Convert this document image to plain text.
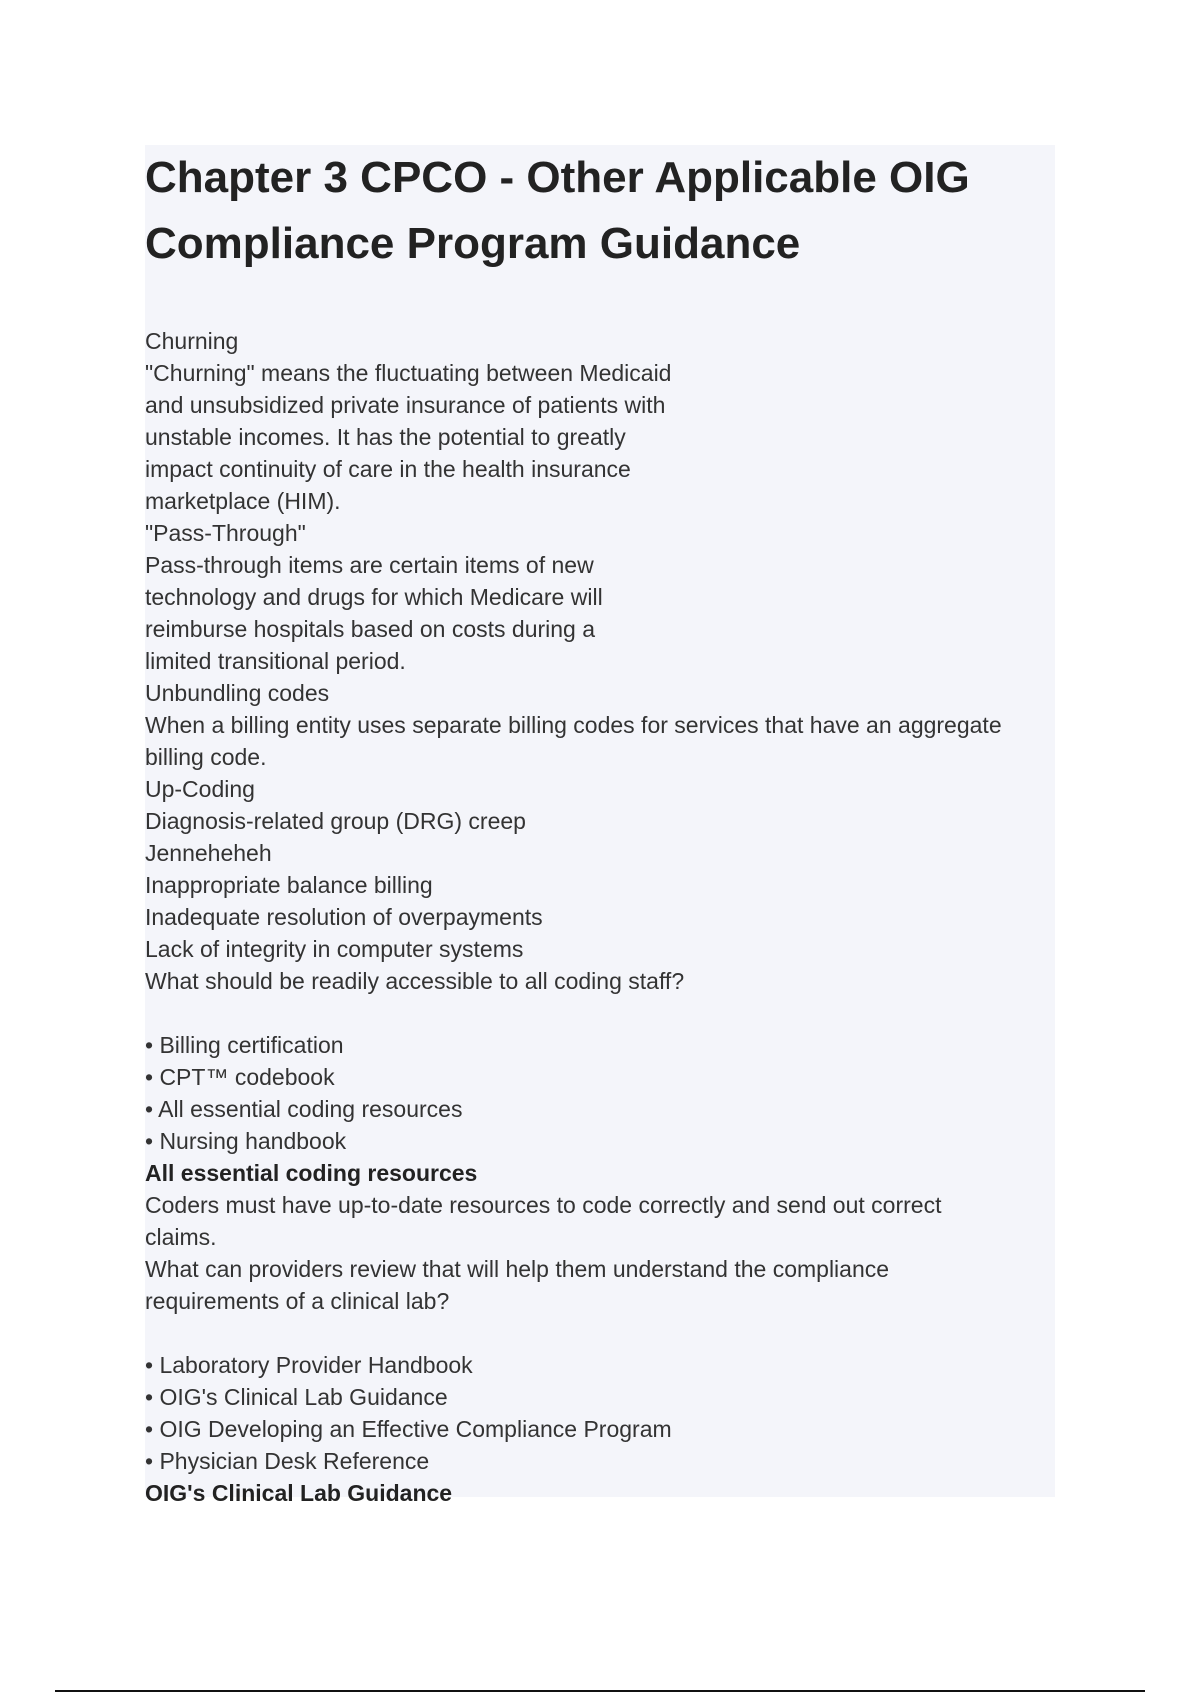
Chapter 3 CPCO - Other Applicable OIG Compliance Program Guidance
Churning
"Churning" means the fluctuating between Medicaid
and unsubsidized private insurance of patients with
unstable incomes. It has the potential to greatly
impact continuity of care in the health insurance
marketplace (HIM).
"Pass-Through"
Pass-through items are certain items of new
technology and drugs for which Medicare will
reimburse hospitals based on costs during a
limited transitional period.
Unbundling codes
When a billing entity uses separate billing codes for services that have an aggregate
billing code.
Up-Coding
Diagnosis-related group (DRG) creep
Jenneheheh
Inappropriate balance billing
Inadequate resolution of overpayments
Lack of integrity in computer systems
What should be readily accessible to all coding staff?
• Billing certification
• CPT™ codebook
• All essential coding resources
• Nursing handbook
All essential coding resources
Coders must have up-to-date resources to code correctly and send out correct
claims.
What can providers review that will help them understand the compliance
requirements of a clinical lab?
• Laboratory Provider Handbook
• OIG's Clinical Lab Guidance
• OIG Developing an Effective Compliance Program
• Physician Desk Reference
OIG's Clinical Lab Guidance
